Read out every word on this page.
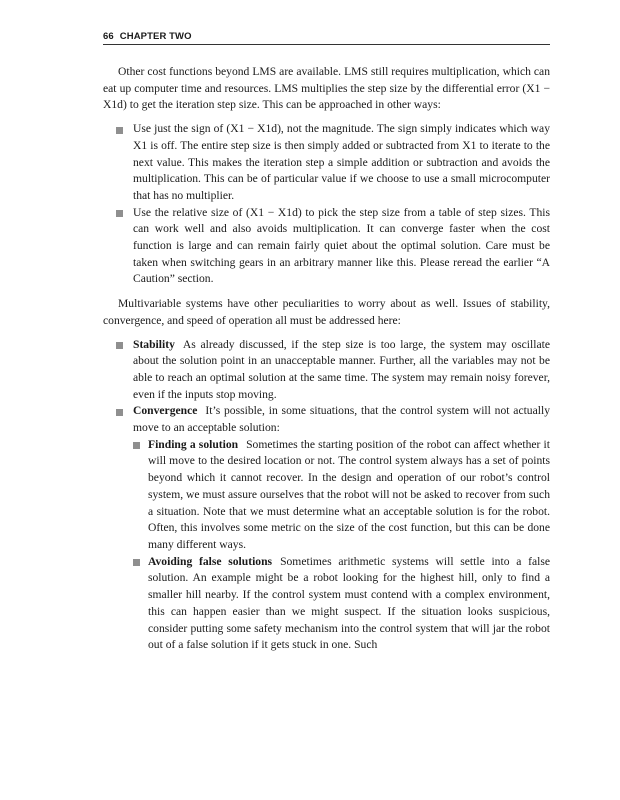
66 CHAPTER TWO

Other cost functions beyond LMS are available. LMS still requires multiplication, which can eat up computer time and resources. LMS multiplies the step size by the differential error (X1 − X1d) to get the iteration step size. This can be approached in other ways:

Use just the sign of (X1 − X1d), not the magnitude. The sign simply indicates which way X1 is off. The entire step size is then simply added or subtracted from X1 to iterate to the next value. This makes the iteration step a simple addition or subtraction and avoids the multiplication. This can be of particular value if we choose to use a small microcomputer that has no multiplier.
Use the relative size of (X1 − X1d) to pick the step size from a table of step sizes. This can work well and also avoids multiplication. It can converge faster when the cost function is large and can remain fairly quiet about the optimal solution. Care must be taken when switching gears in an arbitrary manner like this. Please reread the earlier “A Caution” section.

Multivariable systems have other peculiarities to worry about as well. Issues of stability, convergence, and speed of operation all must be addressed here:

Stability As already discussed, if the step size is too large, the system may oscillate about the solution point in an unacceptable manner. Further, all the variables may not be able to reach an optimal solution at the same time. The system may remain noisy forever, even if the inputs stop moving.
Convergence It’s possible, in some situations, that the control system will not actually move to an acceptable solution:
Finding a solution Sometimes the starting position of the robot can affect whether it will move to the desired location or not. The control system always has a set of points beyond which it cannot recover. In the design and operation of our robot’s control system, we must assure ourselves that the robot will not be asked to recover from such a situation. Note that we must determine what an acceptable solution is for the robot. Often, this involves some metric on the size of the cost function, but this can be done many different ways.
Avoiding false solutions Sometimes arithmetic systems will settle into a false solution. An example might be a robot looking for the highest hill, only to find a smaller hill nearby. If the control system must contend with a complex environment, this can happen easier than we might suspect. If the situation looks suspicious, consider putting some safety mechanism into the control system that will jar the robot out of a false solution if it gets stuck in one. Such
